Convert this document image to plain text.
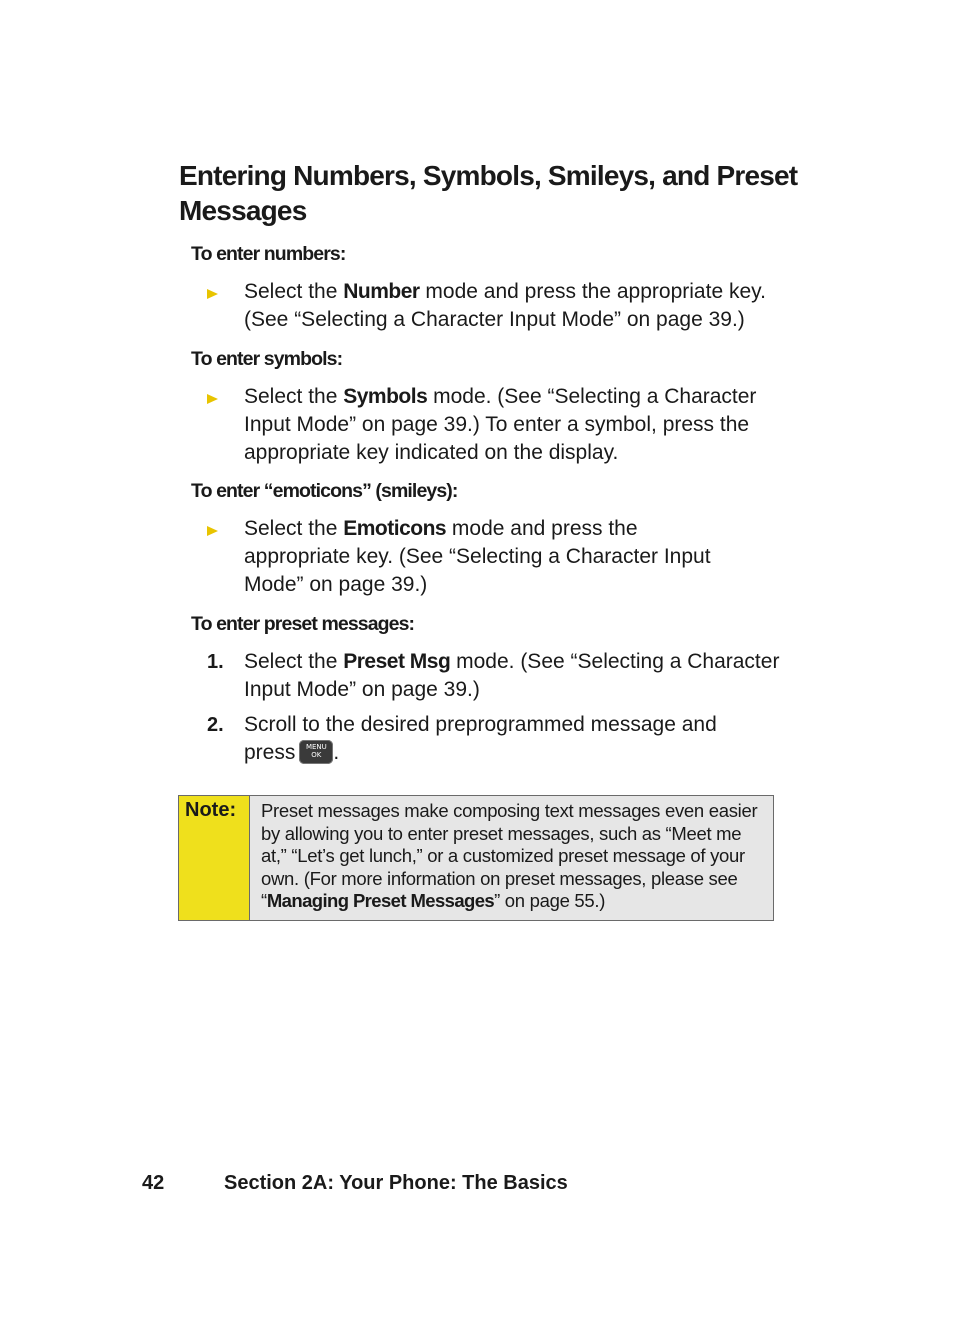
Entering Numbers, Symbols, Smileys, and Preset Messages
To enter numbers:

Select the Number mode and press the appropriate key. (See “Selecting a Character Input Mode” on page 39.)

To enter symbols:

Select the Symbols mode. (See “Selecting a Character Input Mode” on page 39.) To enter a symbol, press the appropriate key indicated on the display.

To enter “emoticons” (smileys):

Select the Emoticons mode and press the appropriate key. (See “Selecting a Character Input Mode” on page 39.)

To enter preset messages:
1. Select the Preset Msg mode. (See “Selecting a Character Input Mode” on page 39.)

2. Scroll to the desired preprogrammed message and press	MENU
OK .

Note:	Preset messages make composing text messages even easier by allowing you to enter preset messages, such as “Meet me at,” “Let’s get lunch,” or a customized preset message of your own. (For more information on preset messages, please see “Managing Preset Messages” on page 55.)
42	Section 2A: Your Phone: The Basics
